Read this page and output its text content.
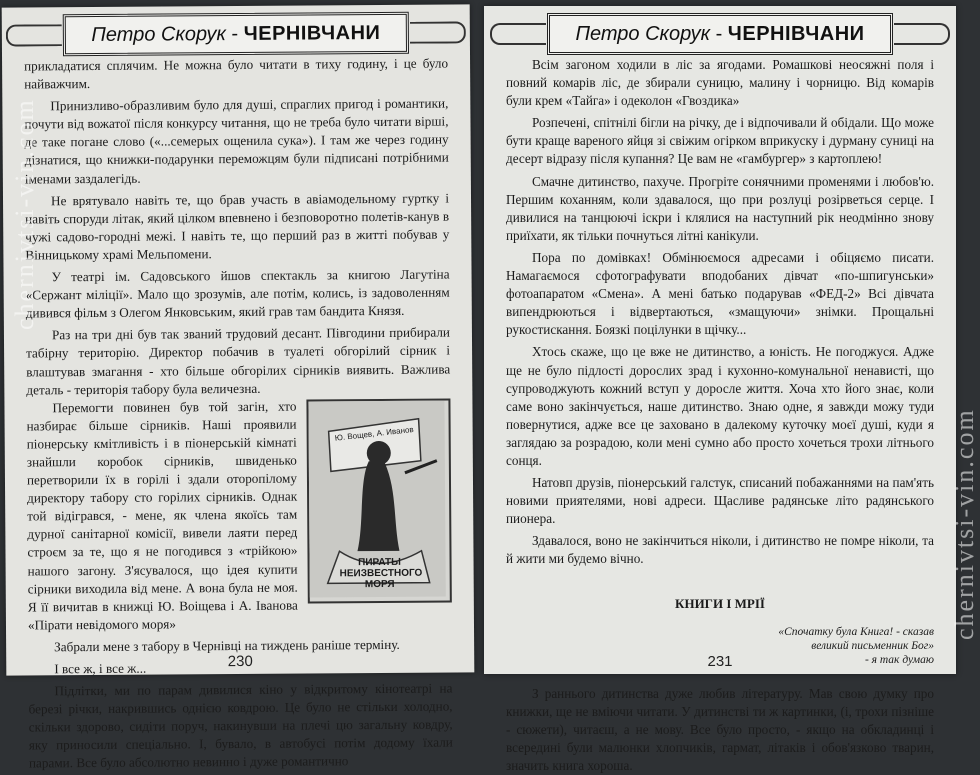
Петро Скорук - ЧЕРНІВЧАНИ

прикладатися сплячим. Не можна було читати в тиху годину, і це було найважчим.

Принизливо-образливим було для душі, спраглих пригод і романтики, почути від вожатої після конкурсу читання, що не треба було читати вірші, де таке погане слово («...семерых ощенила сука»). І там же через годину дізнатися, що книжки-подарунки переможцям були підписані потрібними іменами заздалегідь.

Не врятувало навіть те, що брав участь в авіамодельному гуртку і навіть споруди літак, який цілком впевнено і безповоротно полетів-канув в чужі садово-городні межі. І навіть те, що перший раз в житті побував у Вінницькому храмі Мельпомени.

У театрі ім. Садовського йшов спектакль за книгою Лагутіна «Сержант міліції». Мало що зрозумів, але потім, колись, із задоволенням дивився фільм з Олегом Янковським, який грав там бандита Князя.

Раз на три дні був так званий трудовий десант. Півгодини прибирали табірну територію. Директор побачив в туалеті обгорілий сірник і влаштував змагання - хто більше обгорілих сірників виявить. Важлива деталь - територія табору була величезна.

Ю. Вощев, А. Иванов
ПИРАТЫ НЕИЗВЕСТНОГО МОРЯ

Перемогти повинен був той загін, хто назбирає більше сірників. Наші проявили піонерську кмітливість і в піонерській кімнаті знайшли коробок сірників, швиденько перетворили їх в горілі і здали оторопілому директору табору сто горілих сірників. Однак той відігрався, - мене, як члена якоїсь там дурної санітарної комісії, вивели лаяти перед строєм за те, що я не погодився з «трійкою» нашого загону. З'ясувалося, що ідея купити сірники виходила від мене. А вона була не моя. Я її вичитав в книжці Ю. Воіщева і А. Іванова «Пірати невідомого моря»

Забрали мене з табору в Чернівці на тиждень раніше терміну.

І все ж, і все ж...

Підлітки, ми по парам дивилися кіно у відкритому кінотеатрі на березі річки, накрившись однією ковдрою. Це було не стільки холодно, скільки здорово, сидіти поруч, накинувши на плечі цю загальну ковдру, яку приносили спеціально. І, бувало, в автобусі потім додому їхали парами. Все було абсолютно невинно і дуже романтично

230
Петро Скорук - ЧЕРНІВЧАНИ

Всім загоном ходили в ліс за ягодами. Ромашкові неосяжні поля і повний комарів ліс, де збирали суницю, малину і чорницю. Від комарів були крем «Тайга» і одеколон «Гвоздика»

Розпечені, спітнілі бігли на річку, де і відпочивали й обідали. Що може бути краще вареного яйця зі свіжим огірком вприкуску і дурману суниці на десерт відразу після купання? Це вам не «гамбургер» з картоплею!

Смачне дитинство, пахуче. Прогріте сонячними променями і любов'ю. Першим коханням, коли здавалося, що при розлуці розірветься серце. І дивилися на танцюючі іскри і клялися на наступний рік неодмінно знову приїхати, як тільки почнуться літні канікули.

Пора по домівках! Обмінюємося адресами і обіцяємо писати. Намагаємося сфотографувати вподобаних дівчат «по-шпигунськи» фотоапаратом «Смена». А мені батько подарував «ФЕД-2» Всі дівчата випендрюються і відвертаються, «змащуючи» знімки. Прощальні рукостискання. Боязкі поцілунки в щічку...

Хтось скаже, що це вже не дитинство, а юність. Не погоджуся. Адже ще не було підлості дорослих зрад і кухонно-комунальної ненависті, що супроводжують кожний вступ у доросле життя. Хоча хто його знає, коли саме воно закінчується, наше дитинство. Знаю одне, я завжди можу туди повернутися, адже все це заховано в далекому куточку моєї душі, куди я заглядаю за розрадою, коли мені сумно або просто хочеться трохи літнього сонця.

Натовп друзів, піонерський галстук, списаний побажаннями на пам'ять новими приятелями, нові адреси. Щасливе радянське літо радянського пионера.

Здавалося, воно не закінчиться ніколи, і дитинство не помре ніколи, та й жити ми будемо вічно.

КНИГИ І МРІЇ
«Спочатку була Книга! - сказав
великий письменник Бог»
- я так думаю

З раннього дитинства дуже любив літературу. Мав свою думку про книжки, ще не вміючи читати. У дитинстві ти ж картинки, (і, трохи пізніше - сюжети), читаєш, а не мову. Все було просто, - якщо на обкладинці і всередині були малюнки хлопчиків, гармат, літаків і обов'язково тварин, значить книга хороша.

231
chernivtsi-vin.com
chernivtsi-vin.com
